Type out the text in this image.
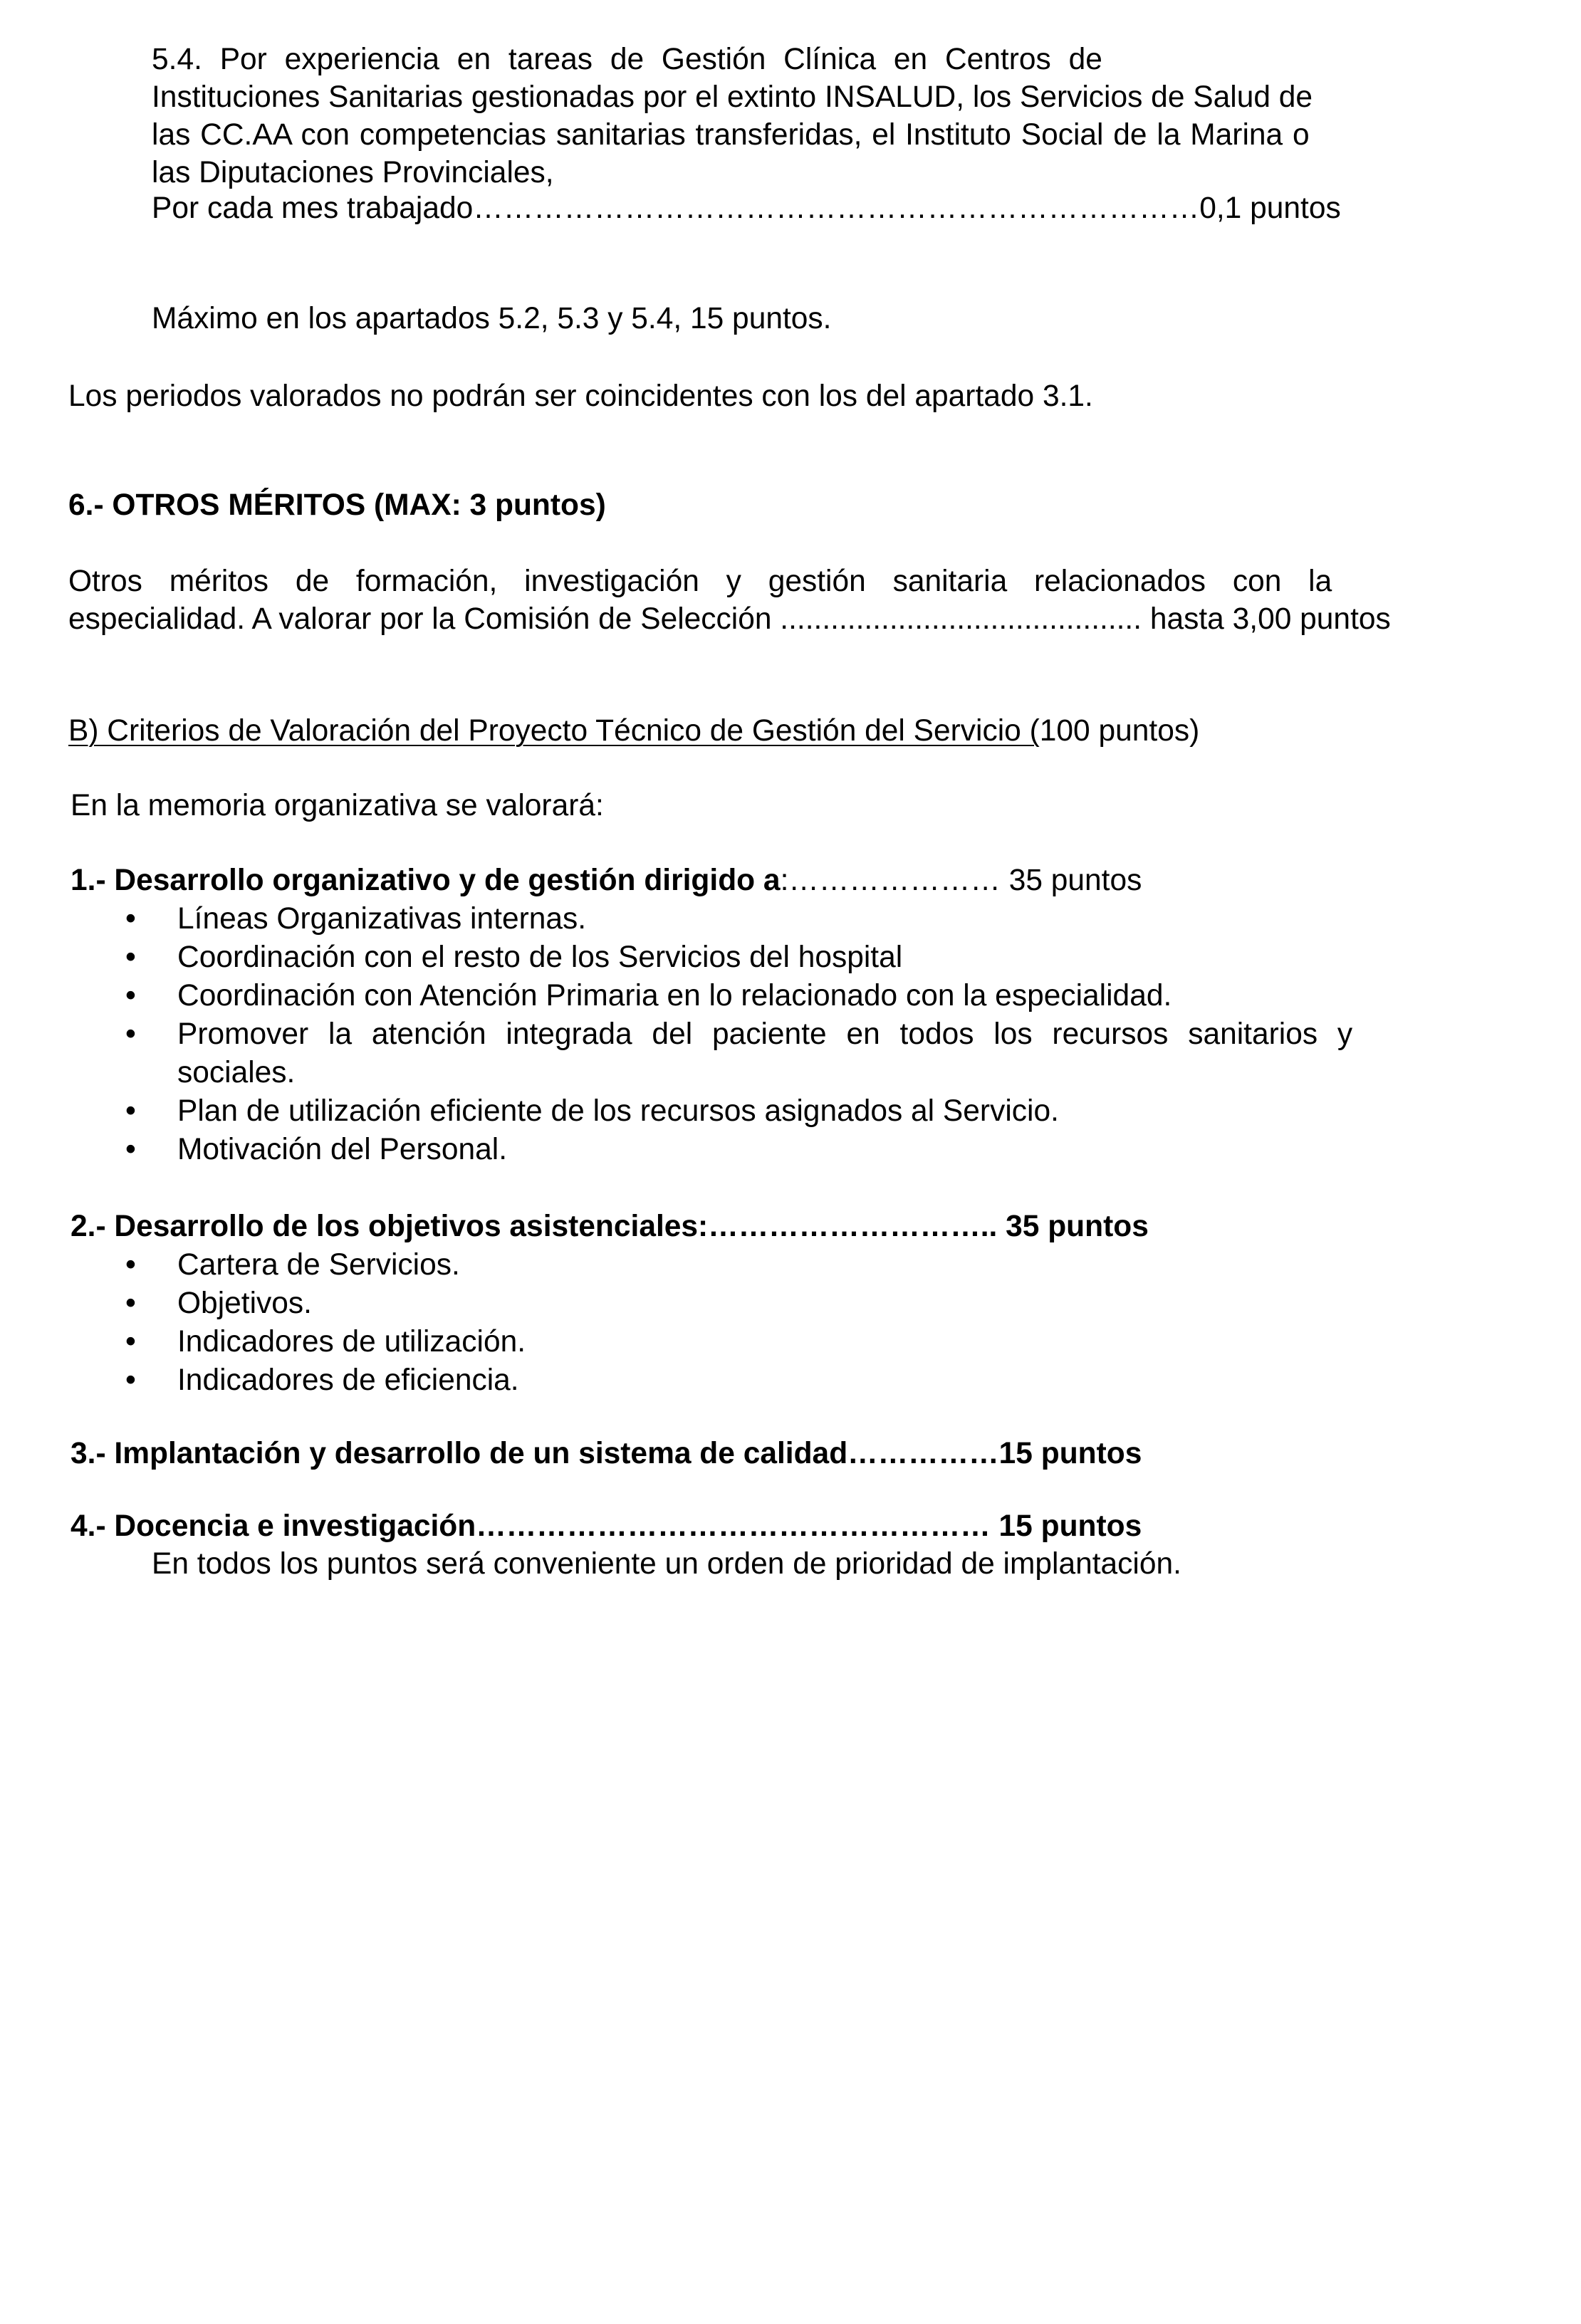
5.4. Por experiencia en tareas de Gestión Clínica en Centros de
Instituciones Sanitarias gestionadas por el extinto INSALUD, los Servicios de Salud de
las CC.AA con competencias sanitarias transferidas, el Instituto Social de la Marina o
las Diputaciones Provinciales,
Por cada mes trabajado………………………………………………………………0,1 puntos
Máximo en los apartados 5.2, 5.3 y 5.4, 15 puntos.
Los periodos valorados no podrán ser coincidentes con los del apartado 3.1.
6.- OTROS MÉRITOS (MAX: 3 puntos)
Otros méritos de formación, investigación y gestión sanitaria relacionados con la
especialidad. A valorar por la Comisión de Selección ........................................... hasta 3,00 puntos
B) Criterios de Valoración del Proyecto Técnico de Gestión del Servicio (100 puntos)
En la memoria organizativa se valorará:
1.- Desarrollo organizativo y de gestión dirigido a:………………… 35 puntos
• Líneas Organizativas internas.
• Coordinación con el resto de los Servicios del hospital
• Coordinación con Atención Primaria en lo relacionado con la especialidad.
• Promover la atención integrada del paciente en todos los recursos sanitarios y
sociales.
• Plan de utilización eficiente de los recursos asignados al Servicio.
• Motivación del Personal.
2.- Desarrollo de los objetivos asistenciales:……………………….. 35 puntos
• Cartera de Servicios.
• Objetivos.
• Indicadores de utilización.
• Indicadores de eficiencia.
3.- Implantación y desarrollo de un sistema de calidad……………15 puntos
4.- Docencia e investigación…………………………………………… 15 puntos
En todos los puntos será conveniente un orden de prioridad de implantación.
